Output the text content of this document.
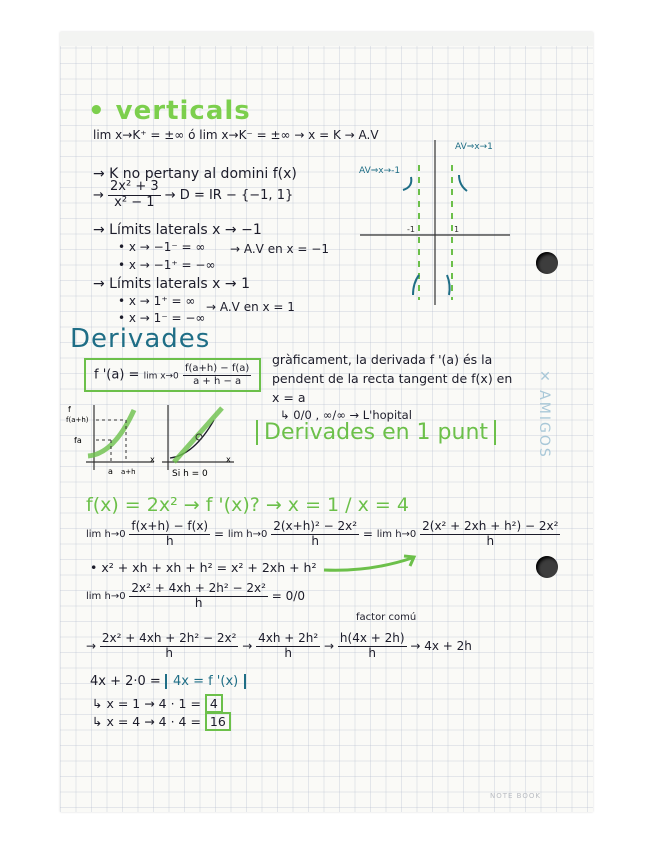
✕ AMIGOS
NOTE BOOK
• verticals
lim x→K⁺ = ±∞ ó lim x→K⁻ = ±∞ → x = K → A.V
→ K no pertany al domini f(x)
→ $\frac{\text{2x² + 3}}{\text{x² − 1}} \to D$ = IR − {−1, 1}
→ Límits laterals x → −1
• x → −1⁻ = ∞
• x → −1⁺ = −∞
→ A.V en x = −1
→ Límits laterals x → 1
• x → 1⁺ = ∞
• x → 1⁻ = −∞
→ A.V en x = 1
-1	1
AV⇒x→-1
AV⇒x→1
Derivades
f '$(a) = \lim x\to 0 \frac{f(a+h) - f(a)}{a + h - a}$
gràficament, la derivada f '(a) és la
pendent de la recta tangent de f(x) en
x = a
↳ 0/0 , ∞/∞ → L'hopital
Derivades en 1 punt
f
f(a+h)
fa
a a+h
x	x
Si h = 0
f(x) = 2x² → f '(x)? → x = 1 / x = 4
lim h→0
$\frac{f(x+h) - f(x)}{h} = \lim h\to 0$
$\frac{\text{2(x+h)² − 2x²}}{h} = \lim h\to 0$
$\frac{\text{2(x² + 2xh + h²) − 2x²}}{h}$
• x² + xh + xh + h² = x² + 2xh + h²
lim h→0
$\frac{\text{2x² + 4xh + 2h² − 2x²}}{h} = 0/0$
factor comú
→ $\frac{\text{2x² + 4xh + 2h² − 2x²}}{h} \to \frac{\text{4xh + 2h²}}{h} \to \frac{h(4x + 2h)}{h} \to 4x + 2h$
4x + 2·0 = 4x = f '(x)
↳ x = 1 → 4 · 1 = 4
↳ x = 4 → 4 · 4 = 16
